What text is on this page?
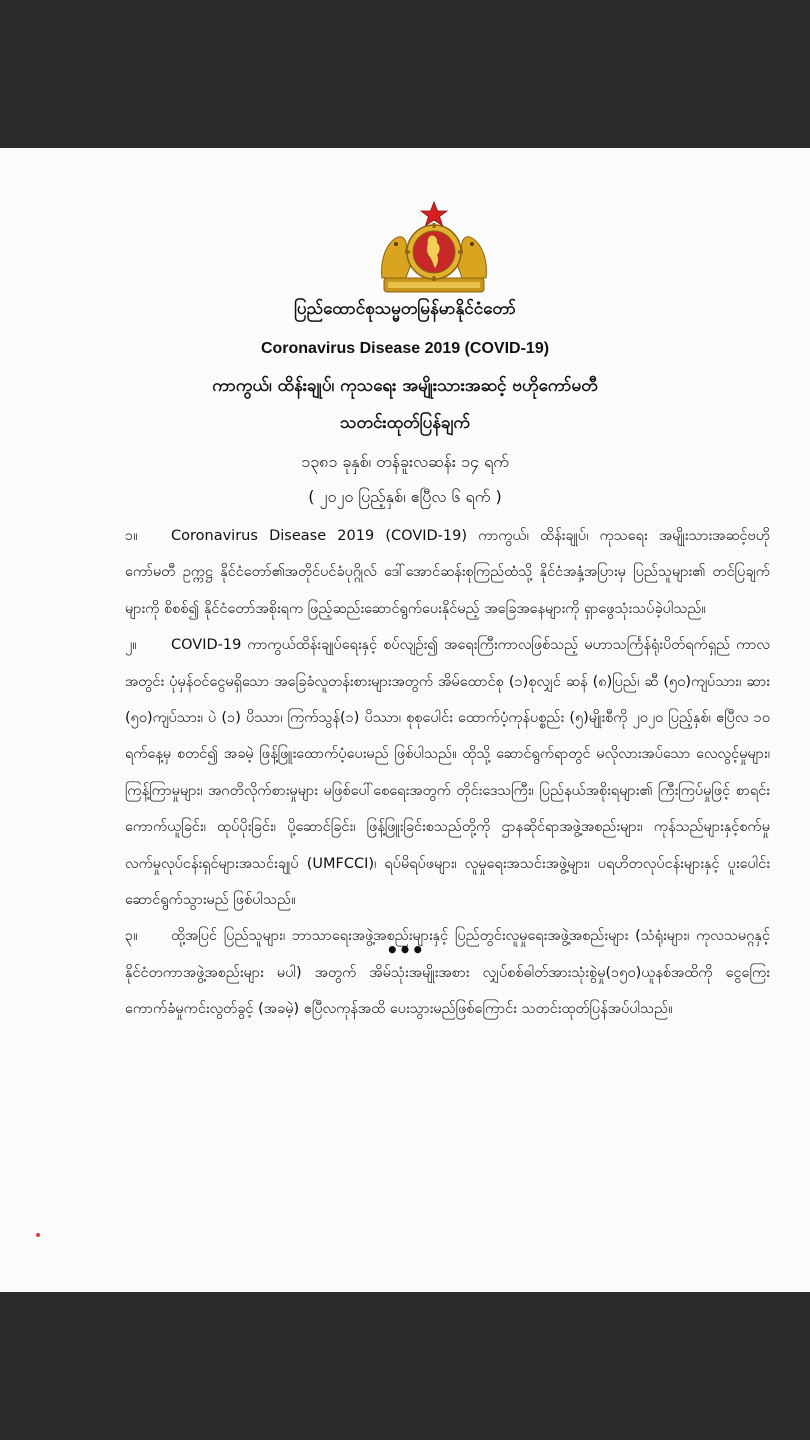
ပြည်ထောင်စုသမ္မတမြန်မာနိုင်ငံတော်
Coronavirus Disease 2019 (COVID-19)
ကာကွယ်၊ ထိန်းချုပ်၊ ကုသရေး အမျိုးသားအဆင့် ဗဟိုကော်မတီ
သတင်းထုတ်ပြန်ချက်
၁၃၈၁ ခုနှစ်၊ တန်ခူးလဆန်း ၁၄ ရက်
( ၂၀၂၀ ပြည့်နှစ်၊ ဧပြီလ ၆ ရက် )

၁။ Coronavirus Disease 2019 (COVID-19) ကာကွယ်၊ ထိန်းချုပ်၊ ကုသရေး အမျိုးသားအဆင့်ဗဟိုကော်မတီ ဥက္ကဋ္ဌ နိုင်ငံတော်၏အတိုင်ပင်ခံပုဂ္ဂိုလ် ဒေါ်အောင်ဆန်းစုကြည်ထံသို့ နိုင်ငံအနှံ့အပြားမှ ပြည်သူများ၏ တင်ပြချက်များကို စိစစ်၍ နိုင်ငံတော်အစိုးရက ဖြည့်ဆည်းဆောင်ရွက်ပေးနိုင်မည့် အခြေအနေများကို ရှာဖွေသုံးသပ်ခဲ့ပါသည်။

၂။ COVID-19 ကာကွယ်ထိန်းချုပ်ရေးနှင့် စပ်လျဉ်း၍ အရေးကြီးကာလဖြစ်သည့် မဟာသင်္ကြန်ရုံးပိတ်ရက်ရှည် ကာလအတွင်း ပုံမှန်ဝင်ငွေမရှိသော အခြေခံလူတန်းစားများအတွက် အိမ်ထောင်စု (၁)စုလျှင် ဆန် (၈)ပြည်၊ ဆီ (၅၀)ကျပ်သား၊ ဆား (၅၀)ကျပ်သား၊ ပဲ (၁) ပိဿာ၊ ကြက်သွန်(၁) ပိဿာ၊ စုစုပေါင်း ထောက်ပံ့ကုန်ပစ္စည်း (၅)မျိုးစီကို ၂၀၂၀ ပြည့်နှစ်၊ ဧပြီလ ၁၀ ရက်နေ့မှ စတင်၍ အခမဲ့ ဖြန့်ဖြူးထောက်ပံ့ပေးမည် ဖြစ်ပါသည်။ ထိုသို့ ဆောင်ရွက်ရာတွင် မလိုလားအပ်သော လေလွင့်မှုများ၊ ကြန့်ကြာမှုများ၊ အဂတိလိုက်စားမှုများ မဖြစ်ပေါ်စေရေးအတွက် တိုင်းဒေသကြီး၊ ပြည်နယ်အစိုးရများ၏ ကြီးကြပ်မှုဖြင့် စာရင်းကောက်ယူခြင်း၊ ထုပ်ပိုးခြင်း၊ ပို့ဆောင်ခြင်း၊ ဖြန့်ဖြူးခြင်းစသည်တို့ကို ဌာနဆိုင်ရာအဖွဲ့အစည်းများ၊ ကုန်သည်များနှင့်စက်မှုလက်မှုလုပ်ငန်းရှင်များအသင်းချုပ် (UMFCCI)၊ ရပ်မိရပ်ဖများ၊ လူမှုရေးအသင်းအဖွဲ့များ၊ ပရဟိတလုပ်ငန်းများနှင့် ပူးပေါင်းဆောင်ရွက်သွားမည် ဖြစ်ပါသည်။

၃။ ထို့အပြင် ပြည်သူများ၊ ဘာသာရေးအဖွဲ့အစည်းများနှင့် ပြည်တွင်းလူမှုရေးအဖွဲ့အစည်းများ (သံရုံးများ၊ ကုလသမဂ္ဂနှင့်နိုင်ငံတကာအဖွဲ့အစည်းများ မပါ) အတွက် အိမ်သုံးအမျိုးအစား လျှပ်စစ်ဓါတ်အားသုံးစွဲမှု(၁၅၀)ယူနစ်အထိကို ငွေကြေးကောက်ခံမှုကင်းလွတ်ခွင့် (အခမဲ့) ဧပြီလကုန်အထိ ပေးသွားမည်ဖြစ်ကြောင်း သတင်းထုတ်ပြန်အပ်ပါသည်။

•••
